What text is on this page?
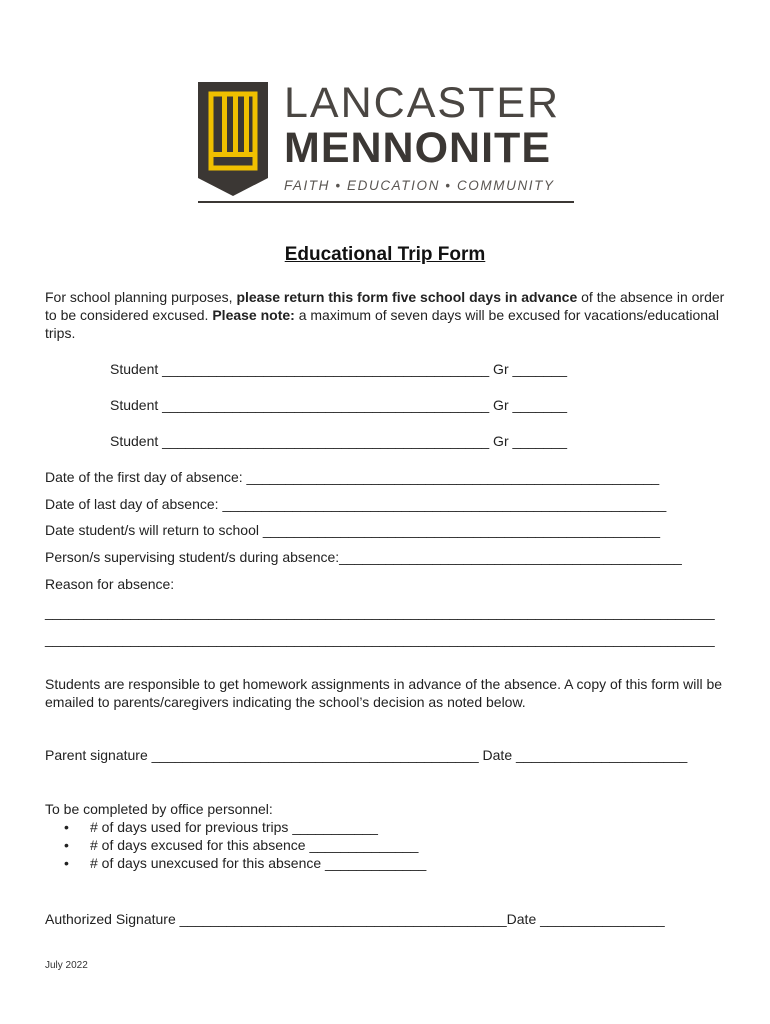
LANCASTER
MENNONITE
FAITH • EDUCATION • COMMUNITY
Educational Trip Form
For school planning purposes, please return this form five school days in advance of the absence in order to be considered excused. Please note: a maximum of seven days will be excused for vacations/educational trips.
Student __________________________________________ Gr _______
Student __________________________________________ Gr _______
Student __________________________________________ Gr _______
Date of the first day of absence: _____________________________________________________
Date of last day of absence: _________________________________________________________
Date student/s will return to school ___________________________________________________
Person/s supervising student/s during absence:____________________________________________
Reason for absence:
______________________________________________________________________________________
______________________________________________________________________________________
Students are responsible to get homework assignments in advance of the absence. A copy of this form will be emailed to parents/caregivers indicating the school’s decision as noted below.
Parent signature __________________________________________ Date ______________________
To be completed by office personnel:
• # of days used for previous trips ___________
• # of days excused for this absence ______________
• # of days unexcused for this absence _____________
Authorized Signature __________________________________________Date ________________
July 2022
